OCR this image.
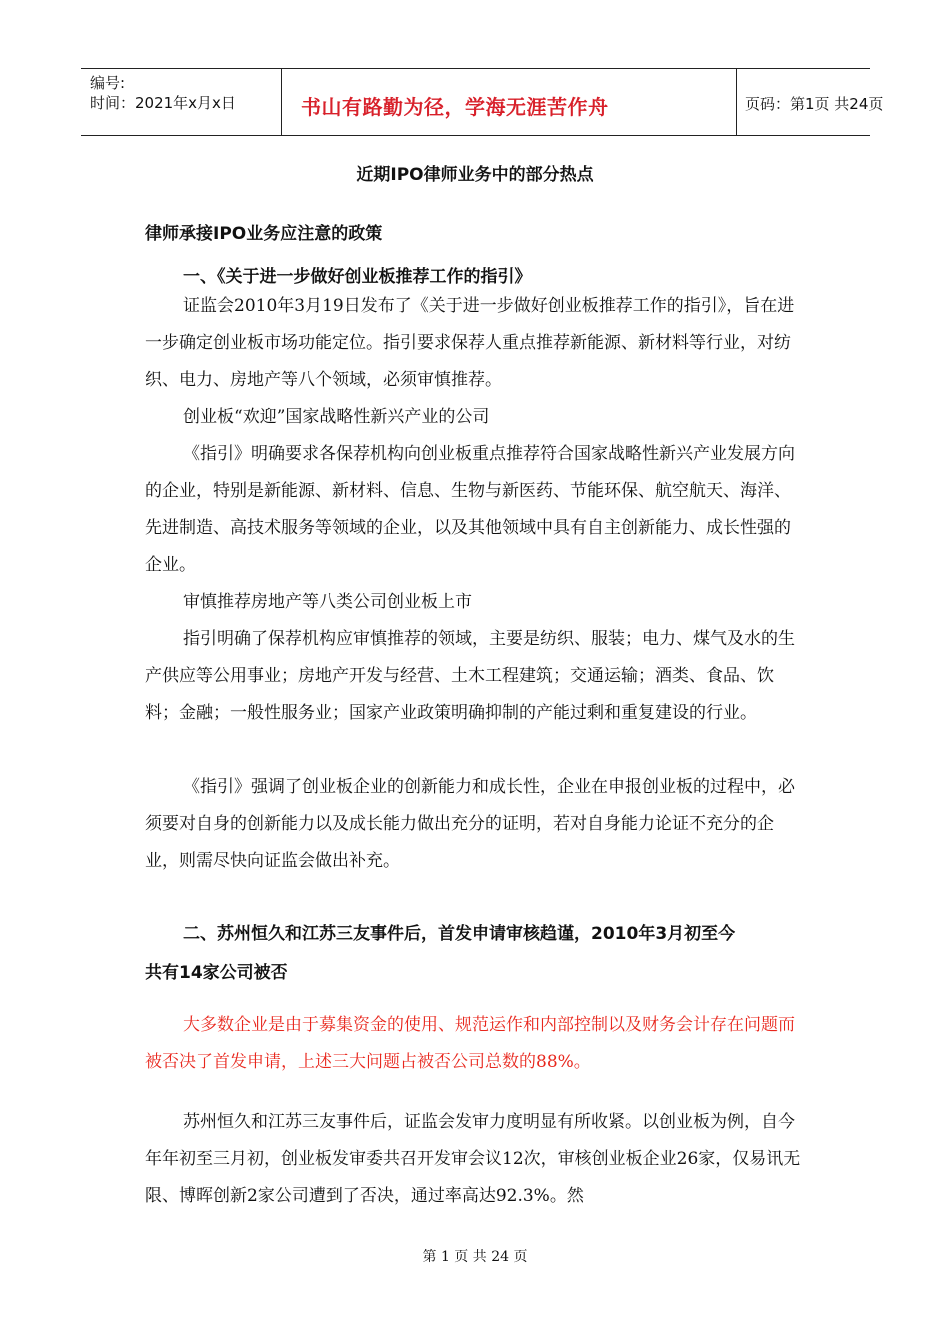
编号:
时间：2021年x月x日	书山有路勤为径，学海无涯苦作舟	页码：第1页 共24页
近期IPO律师业务中的部分热点
律师承接IPO业务应注意的政策
一、《关于进一步做好创业板推荐工作的指引》

证监会2010年3月19日发布了《关于进一步做好创业板推荐工作的指引》，旨在进一步确定创业板市场功能定位。指引要求保荐人重点推荐新能源、新材料等行业，对纺织、电力、房地产等八个领域，必须审慎推荐。

创业板“欢迎”国家战略性新兴产业的公司

《指引》明确要求各保荐机构向创业板重点推荐符合国家战略性新兴产业发展方向的企业，特别是新能源、新材料、信息、生物与新医药、节能环保、航空航天、海洋、先进制造、高技术服务等领域的企业，以及其他领域中具有自主创新能力、成长性强的企业。

审慎推荐房地产等八类公司创业板上市

指引明确了保荐机构应审慎推荐的领域，主要是纺织、服装；电力、煤气及水的生产供应等公用事业；房地产开发与经营、土木工程建筑；交通运输；酒类、食品、饮料；金融；一般性服务业；国家产业政策明确抑制的产能过剩和重复建设的行业。

《指引》强调了创业板企业的创新能力和成长性，企业在申报创业板的过程中，必须要对自身的创新能力以及成长能力做出充分的证明，若对自身能力论证不充分的企业，则需尽快向证监会做出补充。

二、苏州恒久和江苏三友事件后，首发申请审核趋谨，2010年3月初至今
共有14家公司被否

大多数企业是由于募集资金的使用、规范运作和内部控制以及财务会计存在问题而被否决了首发申请，上述三大问题占被否公司总数的88%。

苏州恒久和江苏三友事件后，证监会发审力度明显有所收紧。以创业板为例，自今年年初至三月初，创业板发审委共召开发审会议12次，审核创业板企业26家，仅易讯无限、博晖创新2家公司遭到了否决，通过率高达92.3%。然

第 1 页 共 24 页
